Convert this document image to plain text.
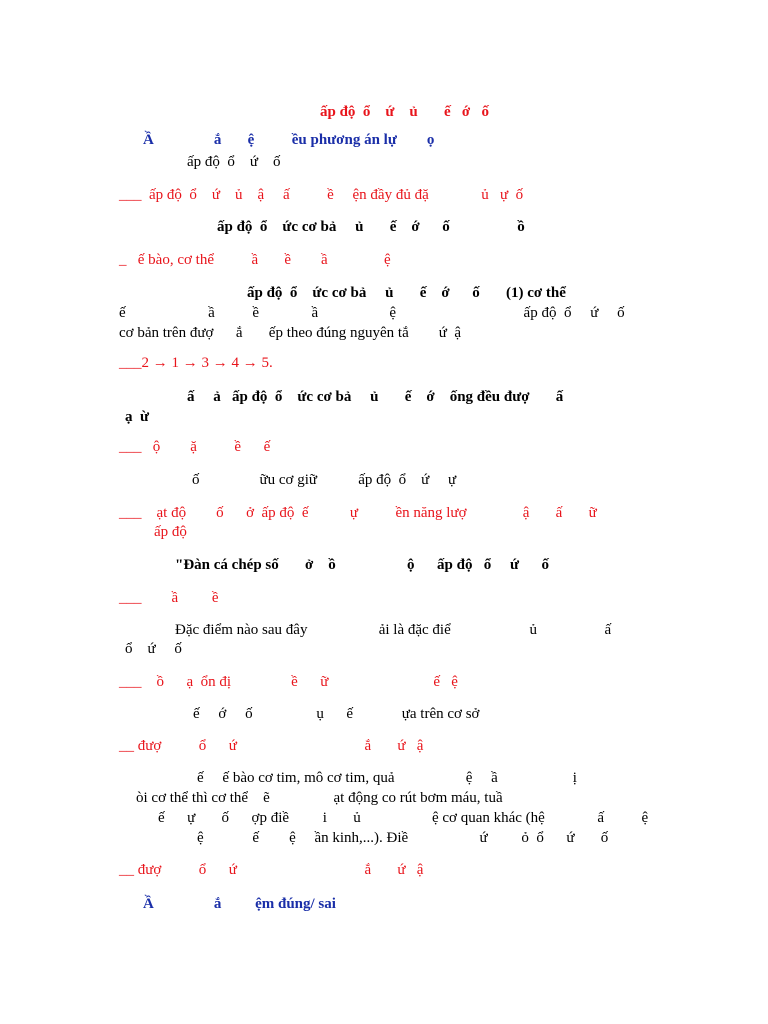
ấp độ  ổ    ứ    ủ       ế   ớ   ố
Ầ                ắ       ệ          ều phương án lự        ọ
ấp độ  ổ    ứ    ố
___  ấp độ  ổ    ứ    ủ    ậ     ấ          ề     ện đầy đủ đặ              ủ   ự  ố
ấp độ  ổ    ức cơ bả     ủ       ế    ớ      ố                  ồ
_   ế bào, cơ thể          ầ       ề        ầ               ệ
ấp độ  ổ    ức cơ bả     ủ       ế    ớ      ố       (1) cơ thể
ế                      ầ          ề              ầ                   ệ                                  ấp độ  ổ     ứ     ố
cơ bản trên đượ      ắ       ếp theo đúng nguyên tắ        ứ  ậ
___2 → 1 → 3 → 4 → 5.
ấ     ả   ấp độ  ổ    ức cơ bả     ủ       ế    ớ    ống đều đượ       ấ
ạ  ừ
___   ộ        ặ          ề      ế
ố                ữu cơ giữ           ấp độ  ổ    ứ     ự
___    ạt độ        ố      ở  ấp độ  ế           ự          ền năng lượ               ậ       ấ       ữ
ấp độ
"Đàn cá chép số       ở    ồ                   ộ      ấp độ   ổ     ứ      ố
___        ầ         ề
Đặc điểm nào sau đây                   ải là đặc điể                     ủ                  ấ
ổ    ứ     ố
___    ồ      ạ  ổn đị                ề      ữ                            ế   ệ
ế     ớ     ố                 ụ      ế             ựa trên cơ sở
__ đượ          ổ      ứ                                  ắ       ứ   ậ
ế     ế bào cơ tim, mô cơ tim, quả                   ệ     ầ                    ị
òi cơ thể thì cơ thể    ẽ                 ạt động co rút bơm máu, tuầ
ế      ự       ố      ợp điề         i       ủ                   ệ cơ quan khác (hệ              ấ          ệ
ệ             ế        ệ     ần kinh,...). Điề                   ứ         ỏ  ổ      ứ       ố
__ đượ          ổ      ứ                                  ắ       ứ   ậ
Ầ                ắ         ệm đúng/ sai
